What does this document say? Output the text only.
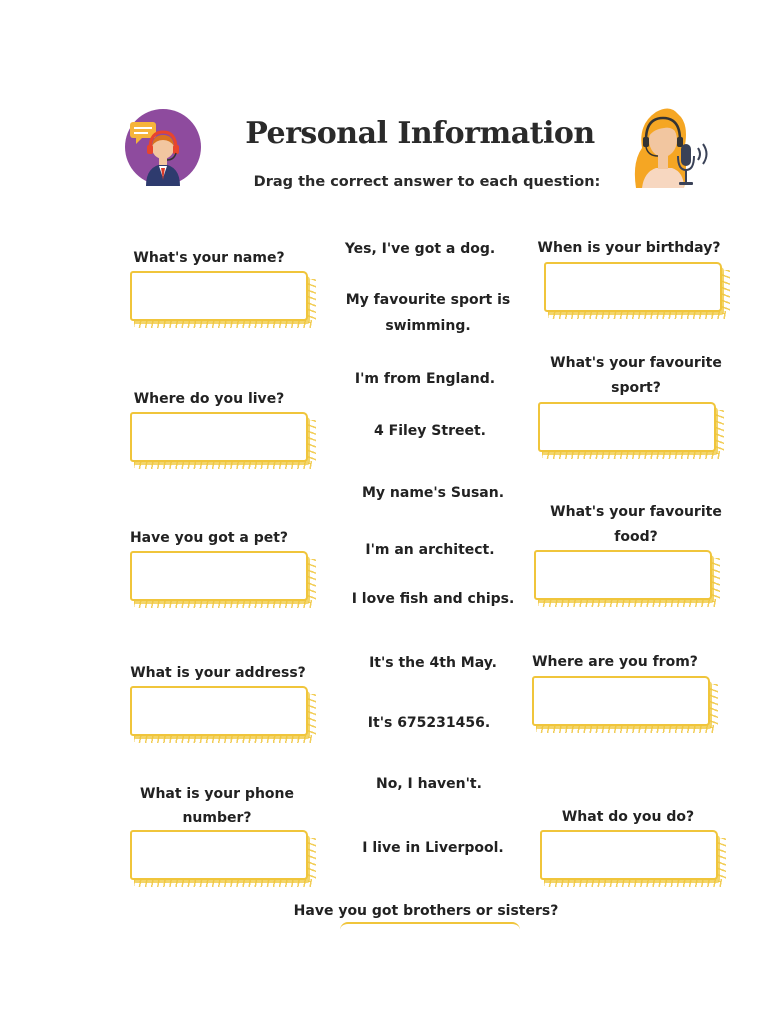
Personal Information
Drag the correct answer to each question:
What's your name?
Where do you live?
Have you got a pet?
What is your address?
What is your phone
number?
When is your birthday?
What's your favourite
sport?
What's your favourite
food?
Where are you from?
What do you do?
Have you got brothers or sisters?
Yes, I've got a dog.
My favourite sport is
swimming.
I'm from England.
4 Filey Street.
My name's Susan.
I'm an architect.
I love fish and chips.
It's the 4th May.
It's 675231456.
No, I haven't.
I live in Liverpool.
